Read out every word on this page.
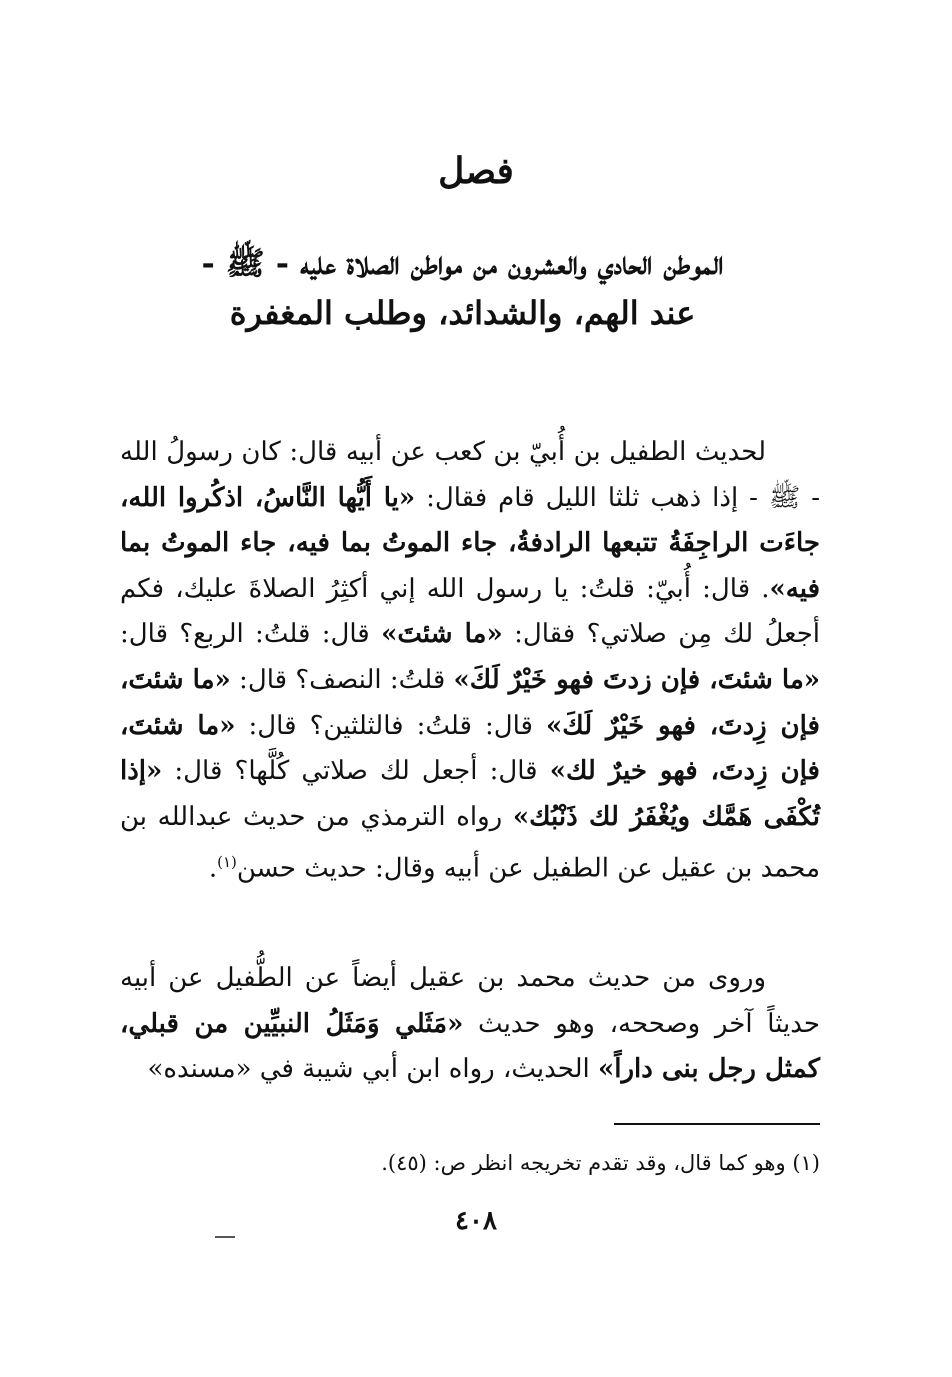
فصل
الموطن الحادي والعشرون من مواطن الصلاة عليه - ﷺ -
عند الهم، والشدائد، وطلب المغفرة

لحديث الطفيل بن أُبيّ بن كعب عن أبيه قال: كان رسولُ الله - ﷺ - إذا ذهب ثلثا الليل قام فقال: «يا أَيُّها النَّاسُ، اذكُروا الله، جاءَت الراجِفَةُ تتبعها الرادفةُ، جاء الموتُ بما فيه، جاء الموتُ بما فيه». قال: أُبيّ: قلتُ: يا رسول الله إني أكثِرُ الصلاةَ عليك، فكم أجعلُ لك مِن صلاتي؟ فقال: «ما شئتَ» قال: قلتُ: الربع؟ قال: «ما شئتَ، فإن زدتَ فهو خَيْرٌ لَكَ» قلتُ: النصف؟ قال: «ما شئتَ، فإن زِدتَ، فهو خَيْرٌ لَكَ» قال: قلتُ: فالثلثين؟ قال: «ما شئتَ، فإن زِدتَ، فهو خيرٌ لك» قال: أجعل لك صلاتي كُلَّها؟ قال: «إذا تُكْفَى هَمَّك ويُغْفَرُ لك ذَنْبُك» رواه الترمذي من حديث عبدالله بن محمد بن عقيل عن الطفيل عن أبيه وقال: حديث حسن$^{(١)}$.

وروى من حديث محمد بن عقيل أيضاً عن الطُّفيل عن أبيه حديثاً آخر وصححه، وهو حديث «مَثَلي وَمَثَلُ النبيِّين من قبلي، كمثل رجل بنى داراً» الحديث، رواه ابن أبي شيبة في «مسنده»

(١) وهو كما قال، وقد تقدم تخريجه انظر ص: (٤٥).

٤٠٨
